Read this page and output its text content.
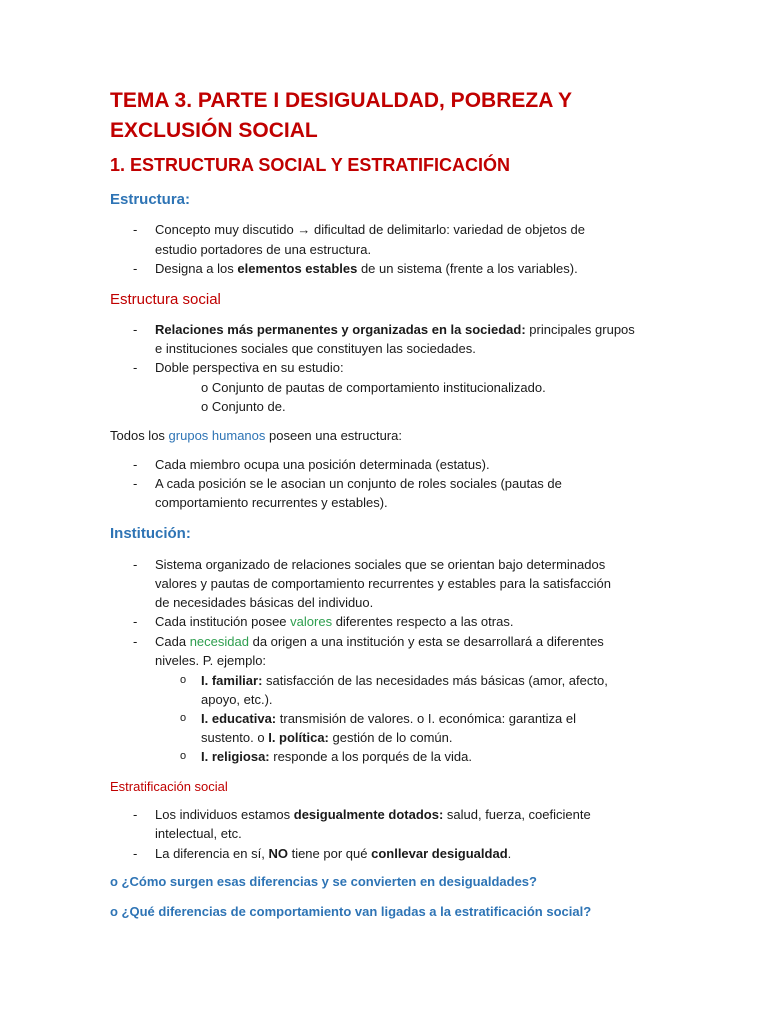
TEMA 3. PARTE I DESIGUALDAD, POBREZA Y EXCLUSIÓN SOCIAL
1. ESTRUCTURA SOCIAL Y ESTRATIFICACIÓN
Estructura:
- Concepto muy discutido → dificultad de delimitarlo: variedad de objetos de
estudio portadores de una estructura.
- Designa a los elementos estables de un sistema (frente a los variables).
Estructura social
- Relaciones más permanentes y organizadas en la sociedad: principales grupos
e instituciones sociales que constituyen las sociedades.
- Doble perspectiva en su estudio:
o Conjunto de pautas de comportamiento institucionalizado.
o Conjunto de.
Todos los grupos humanos poseen una estructura:
- Cada miembro ocupa una posición determinada (estatus).
- A cada posición se le asocian un conjunto de roles sociales (pautas de
comportamiento recurrentes y estables).
Institución:
- Sistema organizado de relaciones sociales que se orientan bajo determinados
valores y pautas de comportamiento recurrentes y estables para la satisfacción
de necesidades básicas del individuo.
- Cada institución posee valores diferentes respecto a las otras.
- Cada necesidad da origen a una institución y esta se desarrollará a diferentes
niveles. P. ejemplo:
o I. familiar: satisfacción de las necesidades más básicas (amor, afecto,
apoyo, etc.).
o I. educativa: transmisión de valores. o I. económica: garantiza el
sustento. o I. política: gestión de lo común.
o I. religiosa: responde a los porqués de la vida.
Estratificación social
- Los individuos estamos desigualmente dotados: salud, fuerza, coeficiente
intelectual, etc.
- La diferencia en sí, NO tiene por qué conllevar desigualdad.
o ¿Cómo surgen esas diferencias y se convierten en desigualdades?
o ¿Qué diferencias de comportamiento van ligadas a la estratificación social?
